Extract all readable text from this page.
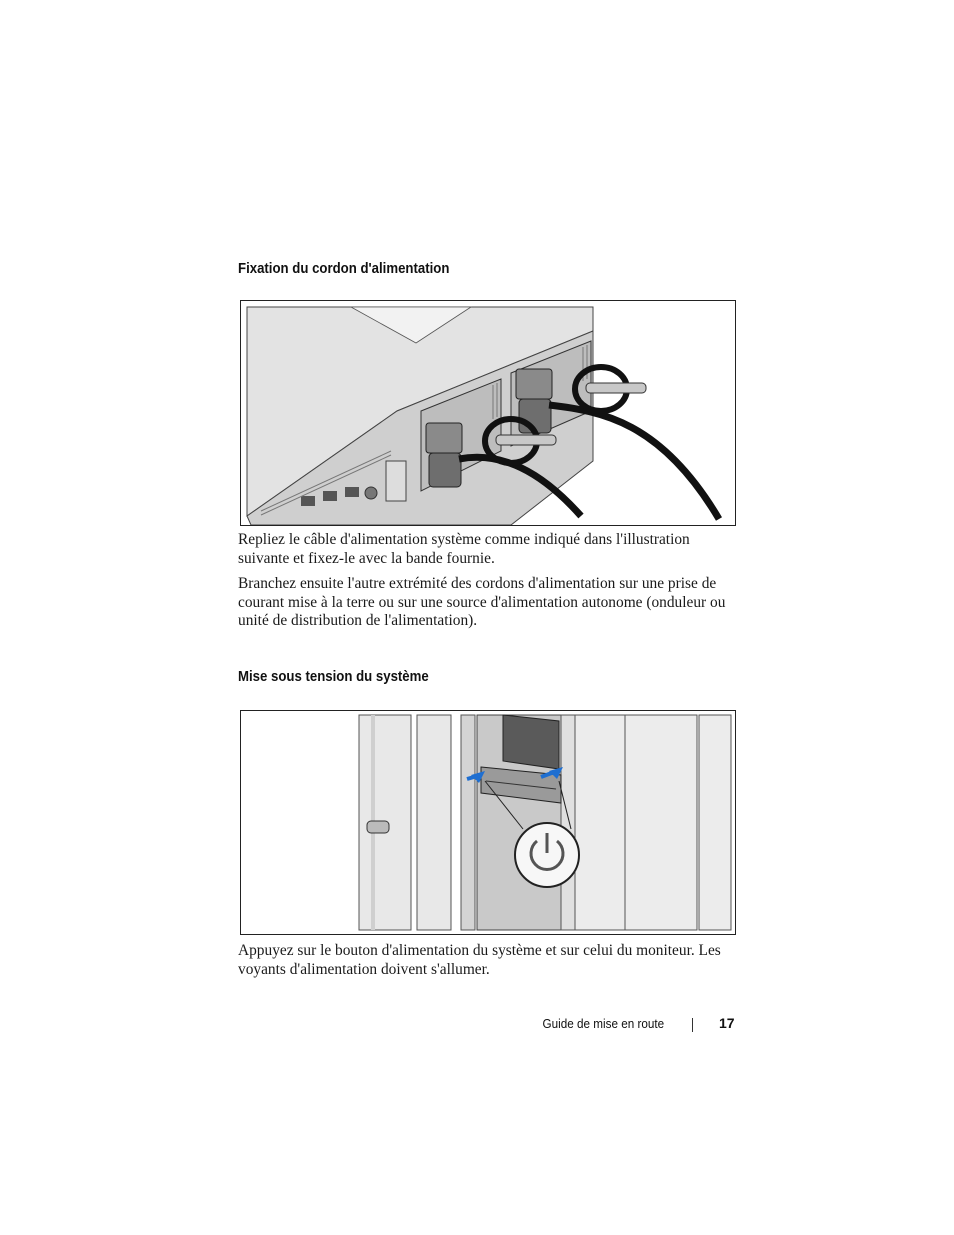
Fixation du cordon d'alimentation

Repliez le câble d'alimentation système comme indiqué dans l'illustration suivante et fixez-le avec la bande fournie.

Branchez ensuite l'autre extrémité des cordons d'alimentation sur une prise de courant mise à la terre ou sur une source d'alimentation autonome (onduleur ou unité de distribution de l'alimentation).

Mise sous tension du système

Appuyez sur le bouton d'alimentation du système et sur celui du moniteur. Les voyants d'alimentation doivent s'allumer.

Guide de mise en route	17
